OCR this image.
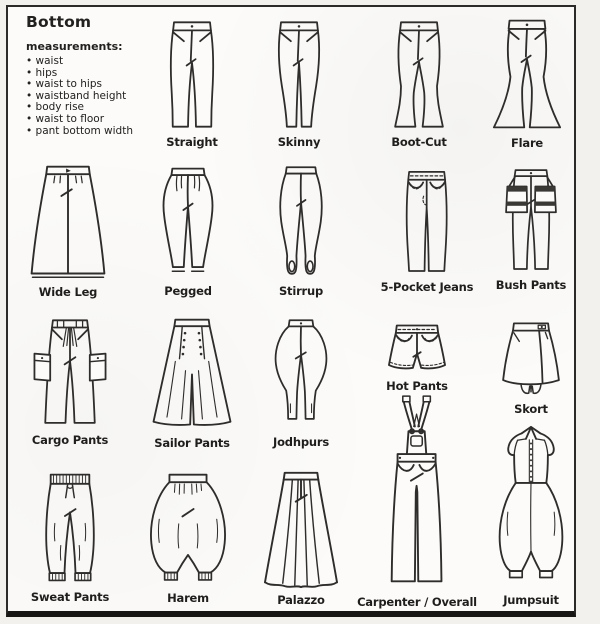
Bottom
measurements:
• waist
• hips
• waist to hips
• waistband height
• body rise
• waist to floor
• pant bottom width
Straight	Skinny	Boot-Cut	Flare
Wide Leg	Pegged	Stirrup	5-Pocket Jeans Bush Pants
Cargo Pants	Sailor Pants	Jodhpurs
Hot Pants
Skort
Sweat Pants	Harem	Palazzo	Carpenter / Overall Jumpsuit
